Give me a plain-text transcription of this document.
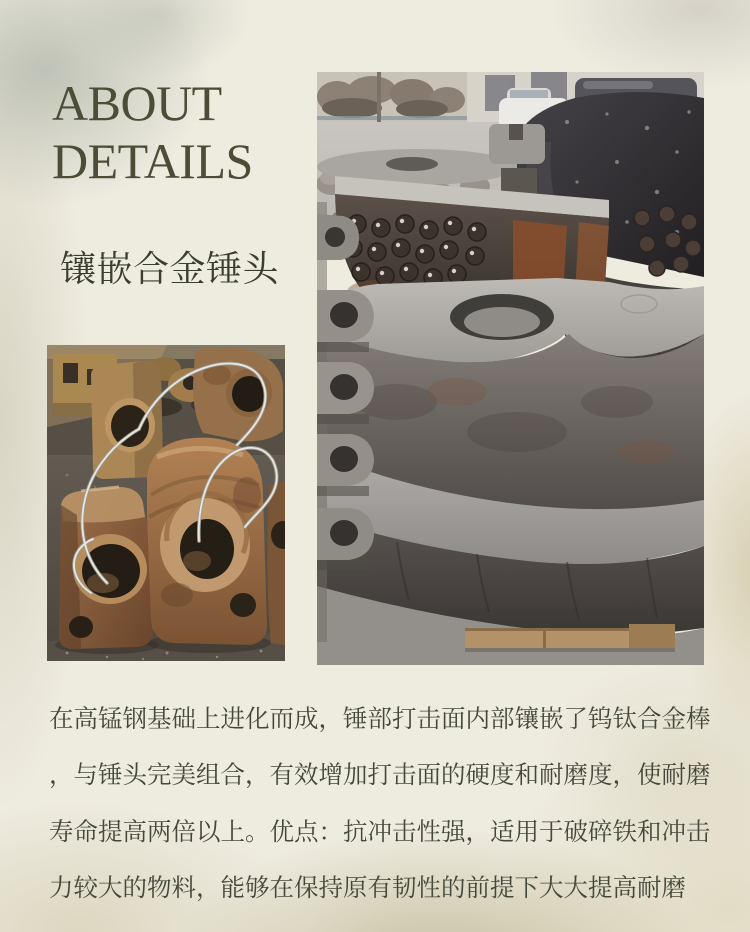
ABOUT
DETAILS
镶嵌合金锤头
在高锰钢基础上进化而成，锤部打击面内部镶嵌了钨钛合金棒
，与锤头完美组合，有效增加打击面的硬度和耐磨度，使耐磨
寿命提高两倍以上。优点：抗冲击性强，适用于破碎铁和冲击
力较大的物料，能够在保持原有韧性的前提下大大提高耐磨
